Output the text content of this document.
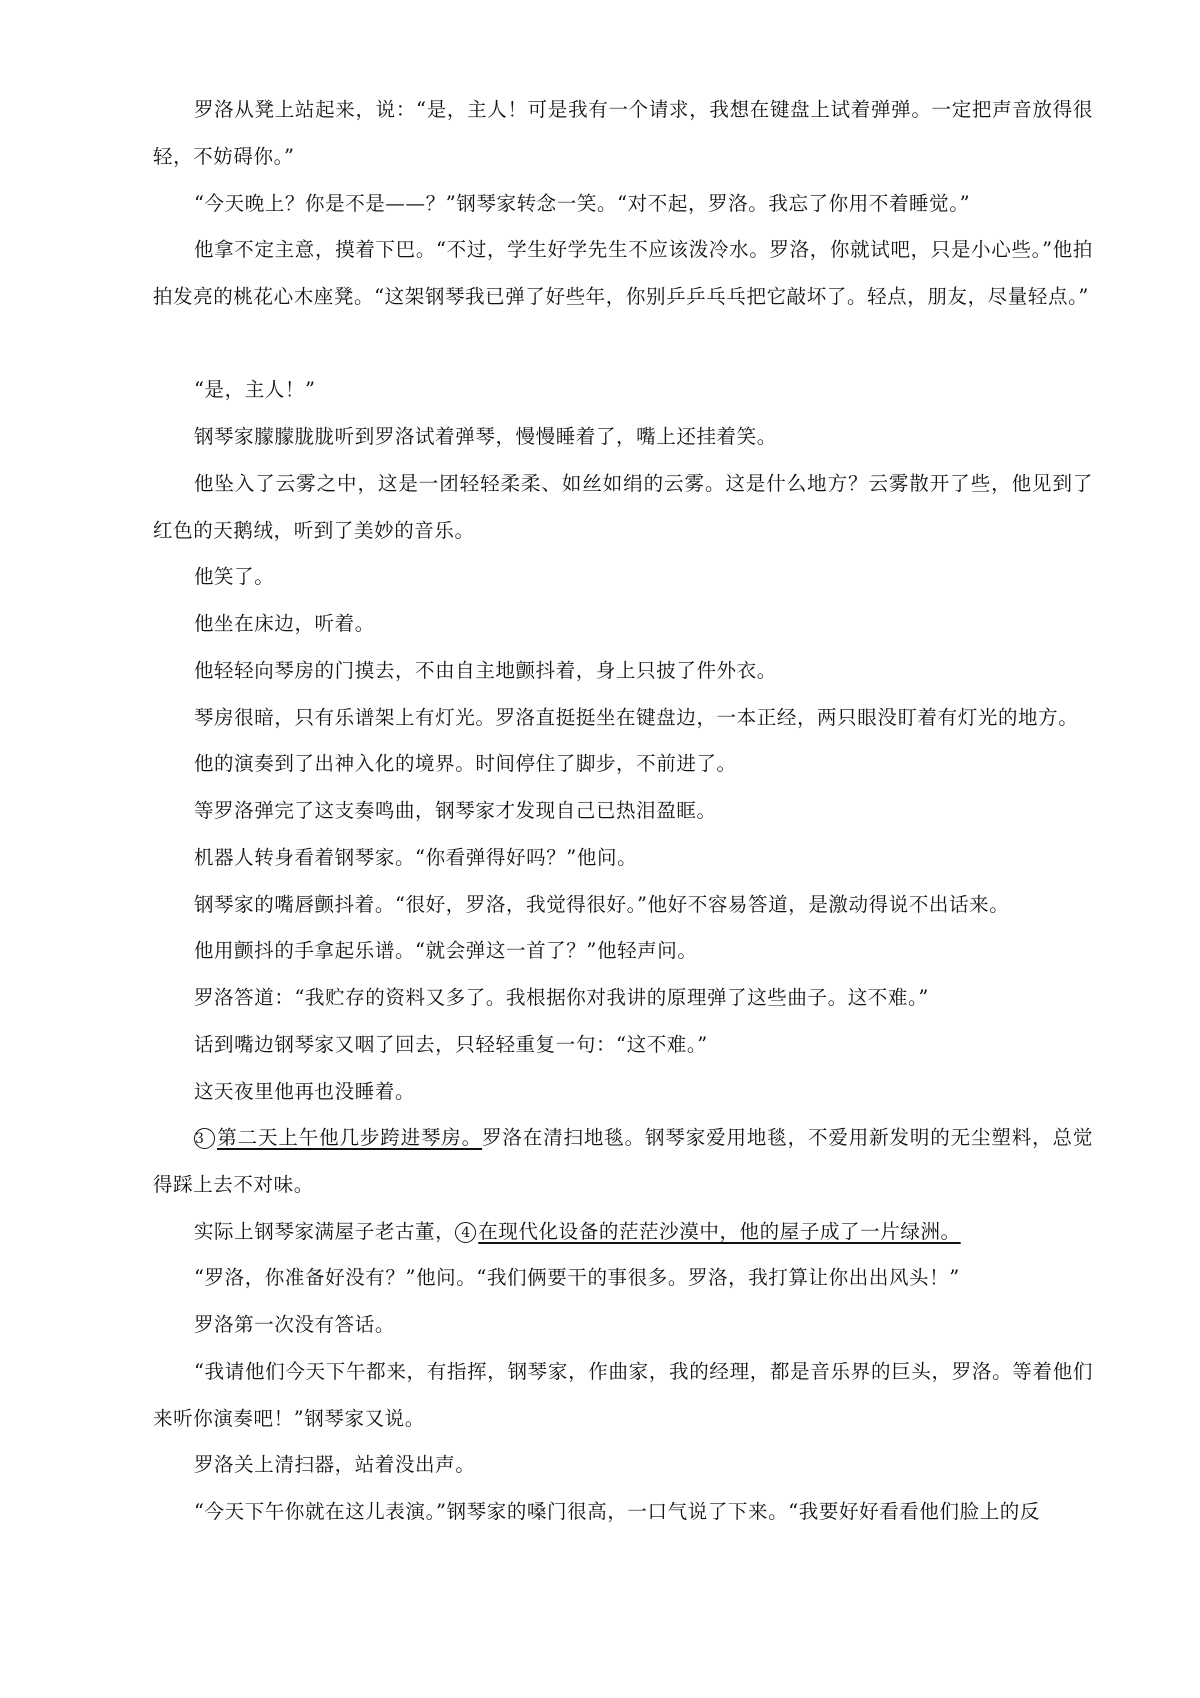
罗洛从凳上站起来，说：“是，主人！可是我有一个请求，我想在键盘上试着弹弹。一定把声音放得很轻，不妨碍你。”

“今天晚上？你是不是——？”钢琴家转念一笑。“对不起，罗洛。我忘了你用不着睡觉。”

他拿不定主意，摸着下巴。“不过，学生好学先生不应该泼冷水。罗洛，你就试吧，只是小心些。”他拍拍发亮的桃花心木座凳。“这架钢琴我已弹了好些年，你别乒乒乓乓把它敲坏了。轻点，朋友，尽量轻点。”

“是，主人！”

钢琴家朦朦胧胧听到罗洛试着弹琴，慢慢睡着了，嘴上还挂着笑。

他坠入了云雾之中，这是一团轻轻柔柔、如丝如绢的云雾。这是什么地方？云雾散开了些，他见到了红色的天鹅绒，听到了美妙的音乐。

他笑了。

他坐在床边，听着。

他轻轻向琴房的门摸去，不由自主地颤抖着，身上只披了件外衣。

琴房很暗，只有乐谱架上有灯光。罗洛直挺挺坐在键盘边，一本正经，两只眼没盯着有灯光的地方。

他的演奏到了出神入化的境界。时间停住了脚步，不前进了。

等罗洛弹完了这支奏鸣曲，钢琴家才发现自己已热泪盈眶。

机器人转身看着钢琴家。“你看弹得好吗？”他问。

钢琴家的嘴唇颤抖着。“很好，罗洛，我觉得很好。”他好不容易答道，是激动得说不出话来。

他用颤抖的手拿起乐谱。“就会弹这一首了？”他轻声问。

罗洛答道：“我贮存的资料又多了。我根据你对我讲的原理弹了这些曲子。这不难。”

话到嘴边钢琴家又咽了回去，只轻轻重复一句：“这不难。”

这天夜里他再也没睡着。

3 第二天上午他几步跨进琴房。罗洛在清扫地毯。钢琴家爱用地毯，不爱用新发明的无尘塑料，总觉得踩上去不对味。

实际上钢琴家满屋子老古董， 4 在现代化设备的茫茫沙漠中，他的屋子成了一片绿洲。

“罗洛，你准备好没有？”他问。“我们俩要干的事很多。罗洛，我打算让你出出风头！”

罗洛第一次没有答话。

“我请他们今天下午都来，有指挥，钢琴家，作曲家，我的经理，都是音乐界的巨头，罗洛。等着他们来听你演奏吧！”钢琴家又说。

罗洛关上清扫器，站着没出声。

“今天下午你就在这儿表演。”钢琴家的嗓门很高，一口气说了下来。“我要好好看看他们脸上的反
